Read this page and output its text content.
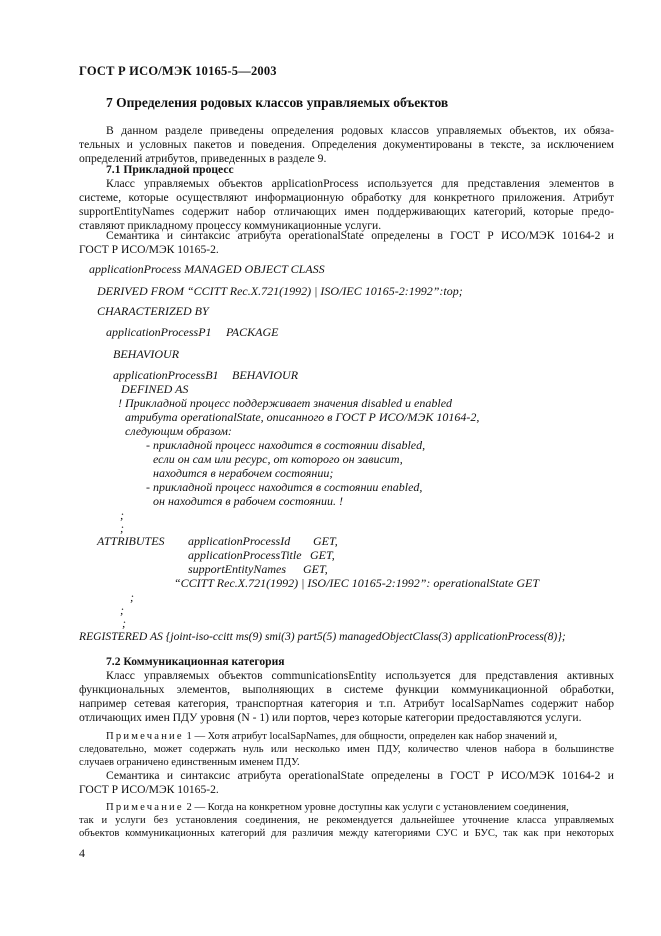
ГОСТ Р ИСО/МЭК 10165-5—2003
7 Определения родовых классов управляемых объектов
В данном разделе приведены определения родовых классов управляемых объектов, их обяза-
тельных и условных пакетов и поведения. Определения документированы в тексте, за исключением
определений атрибутов, приведенных в разделе 9.
7.1 Прикладной процесс
Класс управляемых объектов applicationProcess используется для представления элементов в
системе, которые осуществляют информационную обработку для конкретного приложения. Атрибут
supportEntityNames содержит набор отличающих имен поддерживающих категорий, которые предо-
ставляют прикладному процессу коммуникационные услуги.
Семантика и синтаксис атрибута operationalState определены в ГОСТ Р ИСО/МЭК 10164-2 и
ГОСТ Р ИСО/МЭК 10165-2.
applicationProcess MANAGED OBJECT CLASS
DERIVED FROM “CCITT Rec.X.721(1992) | ISO/IEC 10165-2:1992”:top;
CHARACTERIZED BY
applicationProcessP1 PACKAGE
BEHAVIOUR
applicationProcessB1 BEHAVIOUR
DEFINED AS
! Прикладной процесс поддерживает значения disabled и enabled
атрибута operationalState, описанного в ГОСТ Р ИСО/МЭК 10164-2,
следующим образом:
- прикладной процесс находится в состоянии disabled,
если он сам или ресурс, от которого он зависит,
находится в нерабочем состоянии;
- прикладной процесс находится в состоянии enabled,
он находится в рабочем состоянии. !
;
;
ATTRIBUTES applicationProcessId GET,
applicationProcessTitle GET,
supportEntityNames GET,
“CCITT Rec.X.721(1992) | ISO/IEC 10165-2:1992”: operationalState GET
;
;
;
REGISTERED AS {joint-iso-ccitt ms(9) smi(3) part5(5) managedObjectClass(3) applicationProcess(8)};
7.2 Коммуникационная категория
Класс управляемых объектов communicationsEntity используется для представления активных
функциональных элементов, выполняющих в системе функции коммуникационной обработки,
например сетевая категория, транспортная категория и т.п. Атрибут localSapNames содержит набор
отличающих имен ПДУ уровня (N - 1) или портов, через которые категории предоставляются услуги.
Примечание 1 — Хотя атрибут localSapNames, для общности, определен как набор значений и,
следовательно, может содержать нуль или несколько имен ПДУ, количество членов набора в большинстве
случаев ограничено единственным именем ПДУ.
Семантика и синтаксис атрибута operationalState определены в ГОСТ Р ИСО/МЭК 10164-2 и
ГОСТ Р ИСО/МЭК 10165-2.
Примечание 2 — Когда на конкретном уровне доступны как услуги с установлением соединения,
так и услуги без установления соединения, не рекомендуется дальнейшее уточнение класса управляемых
объектов коммуникационных категорий для различия между категориями СУС и БУС, так как при некоторых
4
